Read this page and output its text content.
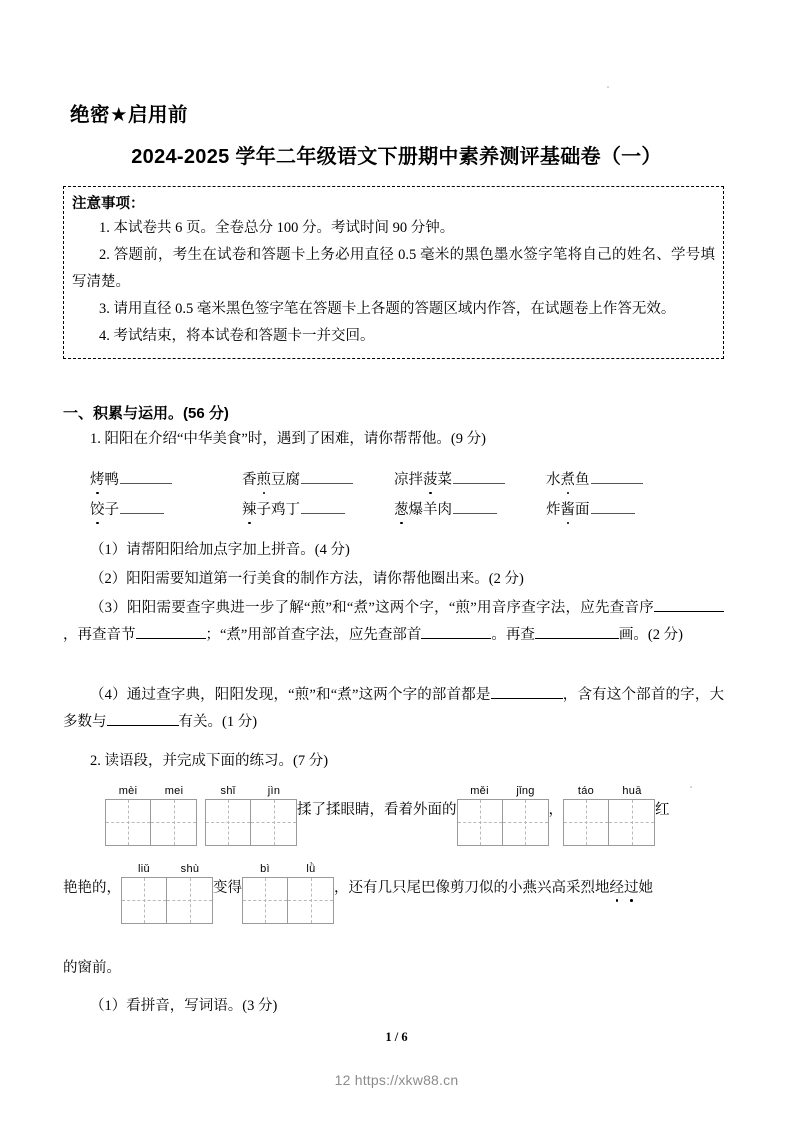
绝密★启用前
2024-2025 学年二年级语文下册期中素养测评基础卷（一）
注意事项：
1. 本试卷共 6 页。全卷总分 100 分。考试时间 90 分钟。
2. 答题前，考生在试卷和答题卡上务必用直径 0.5 毫米的黑色墨水签字笔将自己的姓名、学号填写清楚。
3. 请用直径 0.5 毫米黑色签字笔在答题卡上各题的答题区域内作答，在试题卷上作答无效。
4. 考试结束，将本试卷和答题卡一并交回。
一、积累与运用。(56 分)
1. 阳阳在介绍“中华美食”时，遇到了困难，请你帮帮他。(9 分)
烤鸭	香煎豆腐	凉拌菠菜	水煮鱼
饺子	辣子鸡丁	葱爆羊肉	炸酱面
（1）请帮阳阳给加点字加上拼音。(4 分)
（2）阳阳需要知道第一行美食的制作方法，请你帮他圈出来。(2 分)
（3）阳阳需要查字典进一步了解“煎”和“煮”这两个字，“煎”用音序查字法，应先查音序，再查音节	；“煮”用部首查字法，应先查部首	。再查	画。(2 分)
（4）通过查字典，阳阳发现，“煎”和“煮”这两个字的部首都是	，含有这个部首的字，大多数与	有关。(1 分)
2. 读语段，并完成下面的练习。(7 分)
mèi	mei	shǐ	jìn
揉了揉眼睛，看着外面的
měi	jǐng
，
táo	huā
红
艳艳的，
liǔ	shù
变得
bì	lǜ
，还有几只尾巴像剪刀似的小燕兴高采烈地经过她
的窗前。
（1）看拼音，写词语。(3 分)
1 / 6
12 https://xkw88.cn
